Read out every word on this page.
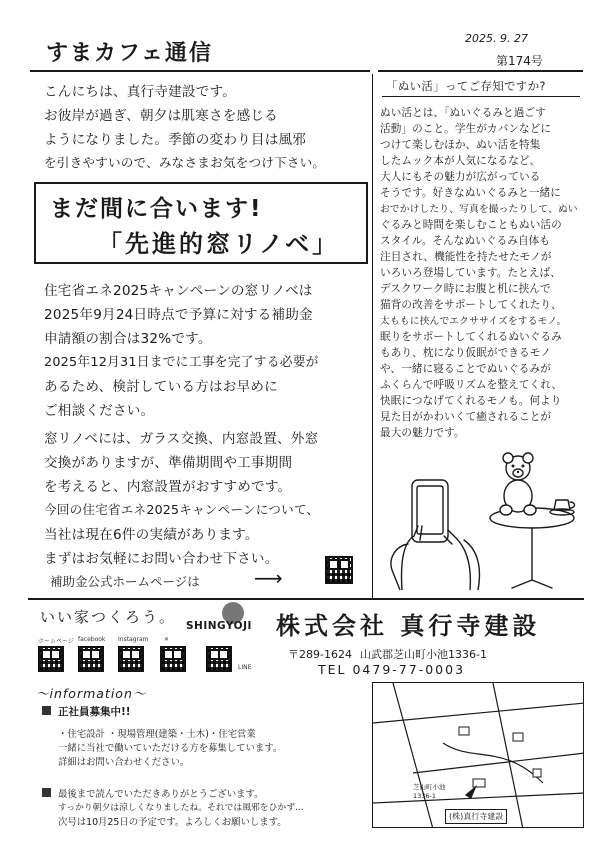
すまカフェ通信
2025. 9. 27
第174号
こんにちは、真行寺建設です。
お彼岸が過ぎ、朝夕は肌寒さを感じる
ようになりました。季節の変わり目は風邪
を引きやすいので、みなさまお気をつけ下さい。
まだ間に合います!
「先進的窓リノベ」
住宅省エネ2025キャンペーンの窓リノベは
2025年9月24日時点で予算に対する補助金
申請額の割合は32%です。
2025年12月31日までに工事を完了する必要が
あるため、検討している方はお早めに
ご相談ください。
窓リノベには、ガラス交換、内窓設置、外窓
交換がありますが、準備期間や工事期間
を考えると、内窓設置がおすすめです。
今回の住宅省エネ2025キャンペーンについて、
当社は現在6件の実績があります。
まずはお気軽にお問い合わせ下さい。
補助金公式ホームページは	⟶
「ぬい活」ってご存知ですか?
ぬい活とは、「ぬいぐるみと過ごす
活動」のこと。学生がカバンなどに
つけて楽しむほか、ぬい活を特集
したムック本が人気になるなど、
大人にもその魅力が広がっている
そうです。好きなぬいぐるみと一緒に
おでかけしたり、写真を撮ったりして、ぬい
ぐるみと時間を楽しむこともぬい活の
スタイル。そんなぬいぐるみ自体も
注目され、機能性を持たせたモノが
いろいろ登場しています。たとえば、
デスクワーク時にお腹と机に挟んで
猫背の改善をサポートしてくれたり、
太ももに挟んでエクササイズをするモノ。
眠りをサポートしてくれるぬいぐるみ
もあり、枕になり仮眠ができるモノ
や、一緒に寝ることでぬいぐるみが
ふくらんで呼吸リズムを整えてくれ、
快眠につなげてくれるモノも。何より
見た目がかわいくて癒されることが
最大の魅力です。
いい家つくろう。 SHINGYOJI 株式会社 真行寺建設
ホームページ facebook Instagram	✕
LINE
〒289-1624 山武郡芝山町小池1336-1
TEL 0479-77-0003
〜information〜
正社員募集中!!
・住宅設計 ・現場管理(建築・土木)・住宅営業
一緒に当社で働いていただける方を募集しています。
詳細はお問い合わせください。
最後まで読んでいただきありがとうございます。
すっかり朝夕は涼しくなりましたね。それでは風邪をひかず…
次号は10月25日の予定です。よろしくお願いします。
芝山町小池 1336-1
(株)真行寺建設
